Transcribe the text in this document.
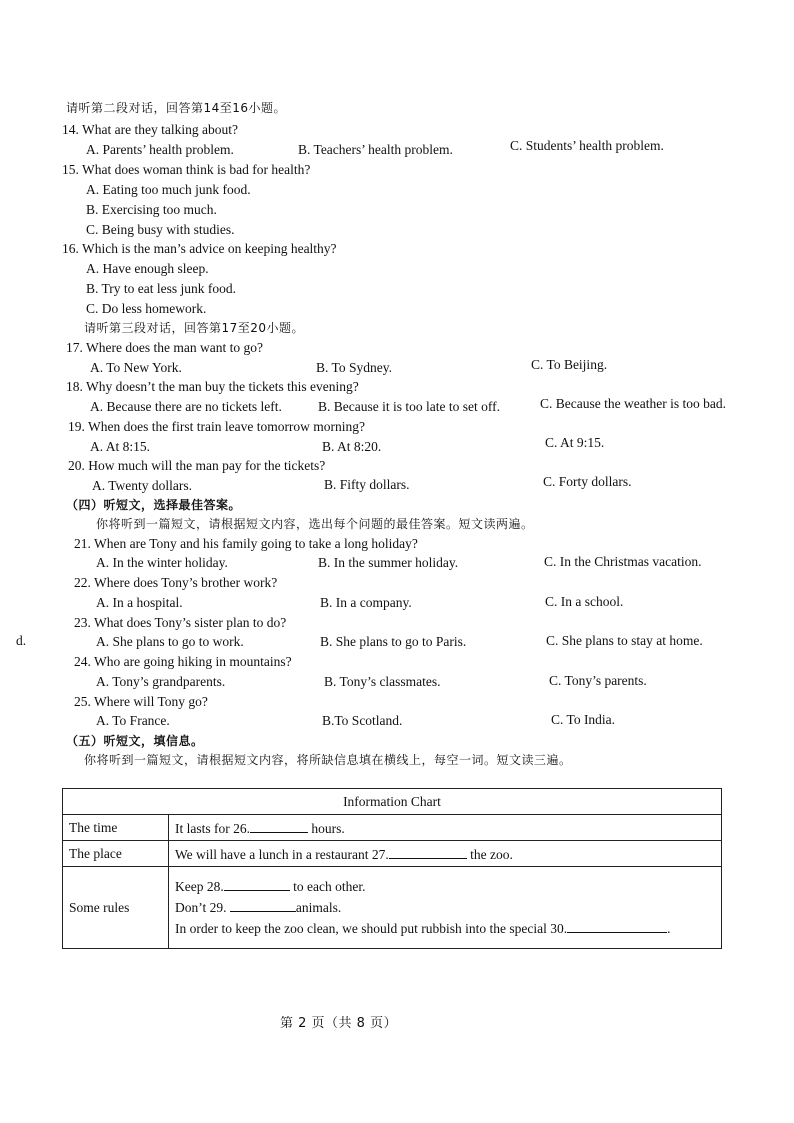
请听第二段对话，回答第14至16小题。
14. What are they talking about?
A. Parents’ health problem.	B. Teachers’ health problem.	C. Students’ health problem.
15. What does woman think is bad for health?
A. Eating too much junk food.
B. Exercising too much.
C. Being busy with studies.
16. Which is the man’s advice on keeping healthy?
A. Have enough sleep.
B. Try to eat less junk food.
C. Do less homework.
请听第三段对话，回答第17至20小题。
17. Where does the man want to go?
A. To New York.	B. To Sydney.	C. To Beijing.
18. Why doesn’t the man buy the tickets this evening?
A. Because there are no tickets left.	B. Because it is too late to set off.	C. Because the weather is too bad.
19. When does the first train leave tomorrow morning?
A. At 8:15.	B. At 8:20.	C. At 9:15.
20. How much will the man pay for the tickets?
A. Twenty dollars.	B. Fifty dollars.	C. Forty dollars.
（四）听短文，选择最佳答案。
你将听到一篇短文，请根据短文内容，选出每个问题的最佳答案。短文读两遍。
21. When are Tony and his family going to take a long holiday?
A. In the winter holiday.	B. In the summer holiday.	C. In the Christmas vacation.
22. Where does Tony’s brother work?
A. In a hospital.	B. In a company.	C. In a school.
d.
23. What does Tony’s sister plan to do?
A. She plans to go to work.	B. She plans to go to Paris.	C. She plans to stay at home.
24. Who are going hiking in mountains?
A. Tony’s grandparents.	B. Tony’s classmates.	C. Tony’s parents.
25. Where will Tony go?
A. To France.	B.To Scotland.	C. To India.
（五）听短文，填信息。
你将听到一篇短文，请根据短文内容，将所缺信息填在横线上，每空一词。短文读三遍。
Information Chart	
The time	It lasts for 26. hours.
The place	We will have a lunch in a restaurant 27. the zoo.
Some rules	Keep 28. to each other.
Don’t 29. animals.
In order to keep the zoo clean, we should put rubbish into the special 30. .
第 2 页（共 8 页）
